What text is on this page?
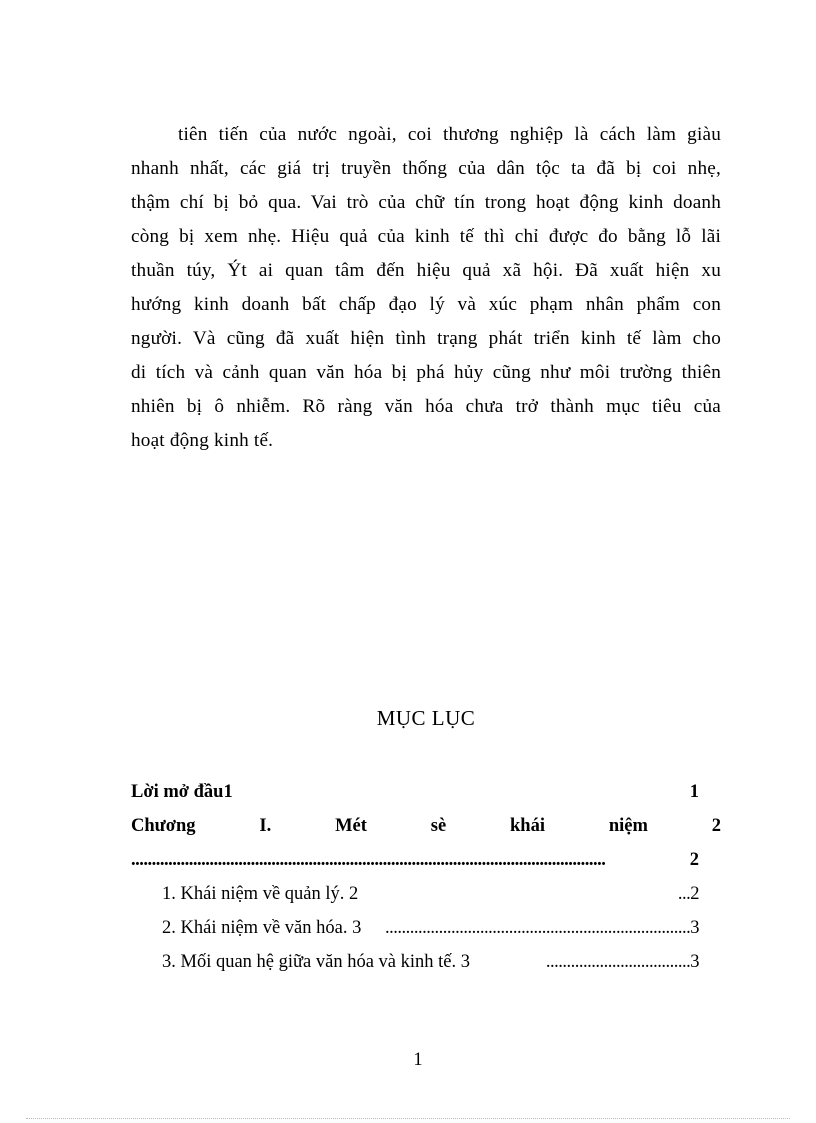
tiên tiến của nước ngoài, coi thương nghiệp là cách làm giàu
nhanh nhất, các giá trị truyền thống của dân tộc ta đã bị coi nhẹ,
thậm chí bị bỏ qua. Vai trò của chữ tín trong hoạt động kinh doanh
còng bị xem nhẹ. Hiệu quả của kinh tế thì chỉ được đo bằng lỗ lãi
thuần túy, Ýt ai quan tâm đến hiệu quả xã hội. Đã xuất hiện xu
hướng kinh doanh bất chấp đạo lý và xúc phạm nhân phẩm con
người. Và cũng đã xuất hiện tình trạng phát triển kinh tế làm cho
di tích và cảnh quan văn hóa bị phá hủy cũng như môi trường thiên
nhiên bị ô nhiễm. Rõ ràng văn hóa chưa trở thành mục tiêu của
hoạt động kinh tế.
MỤC LỤC
Lời mở đầu1	1
Chương	I.	Mét	sè	khái	niệm	2
...................................................................................................................	2
1. Khái niệm về quản lý. 2	...2
2. Khái niệm về văn hóa. 3	..........................................................................3
3. Mối quan hệ giữa văn hóa và kinh tế. 3	...................................3
1
